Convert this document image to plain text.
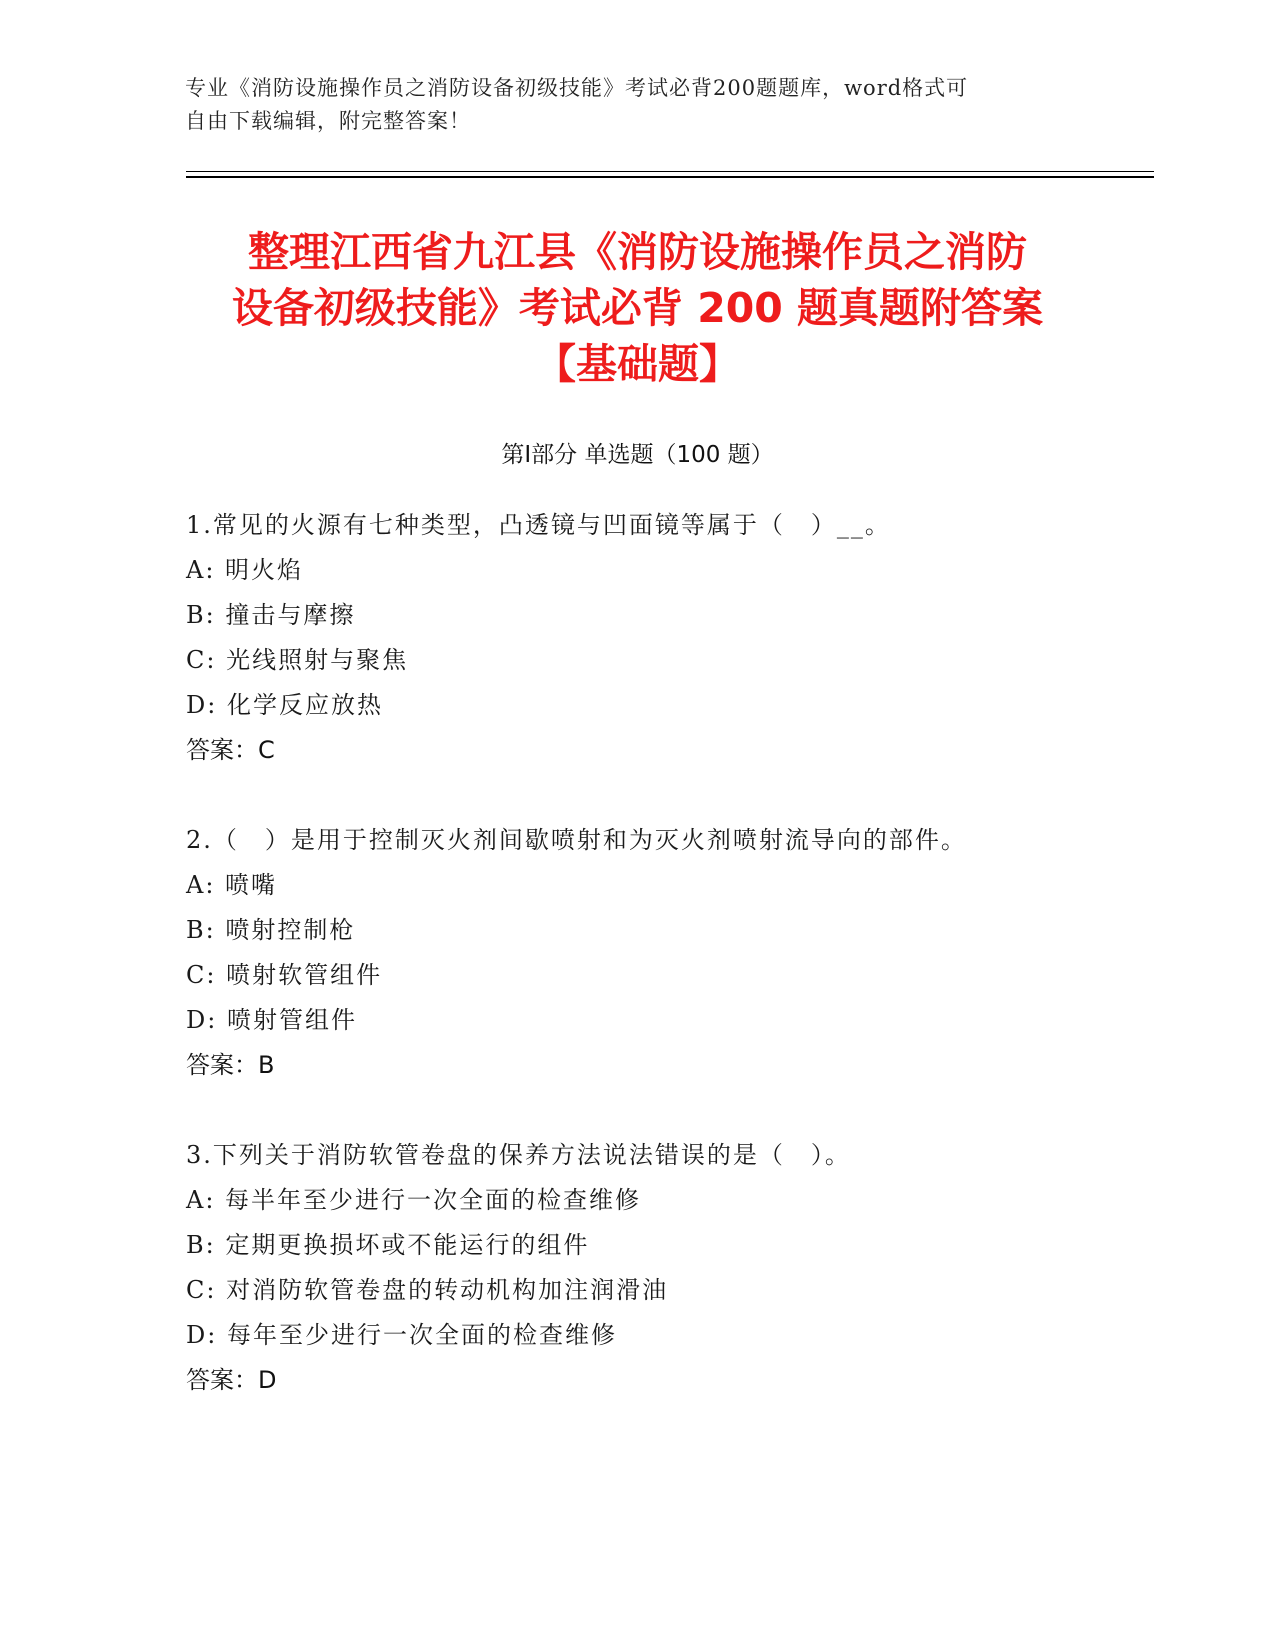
专业《消防设施操作员之消防设备初级技能》考试必背200题题库，word格式可
自由下载编辑，附完整答案！
整理江西省九江县《消防设施操作员之消防
设备初级技能》考试必背 200 题真题附答案
【基础题】
第Ⅰ部分 单选题（100 题）
1.常见的火源有七种类型，凸透镜与凹面镜等属于（　）__。
A: 明火焰
B: 撞击与摩擦
C: 光线照射与聚焦
D: 化学反应放热
答案：C
2.（　）是用于控制灭火剂间歇喷射和为灭火剂喷射流导向的部件。
A: 喷嘴
B: 喷射控制枪
C: 喷射软管组件
D: 喷射管组件
答案：B
3.下列关于消防软管卷盘的保养方法说法错误的是（　）。
A: 每半年至少进行一次全面的检查维修
B: 定期更换损坏或不能运行的组件
C: 对消防软管卷盘的转动机构加注润滑油
D: 每年至少进行一次全面的检查维修
答案：D
